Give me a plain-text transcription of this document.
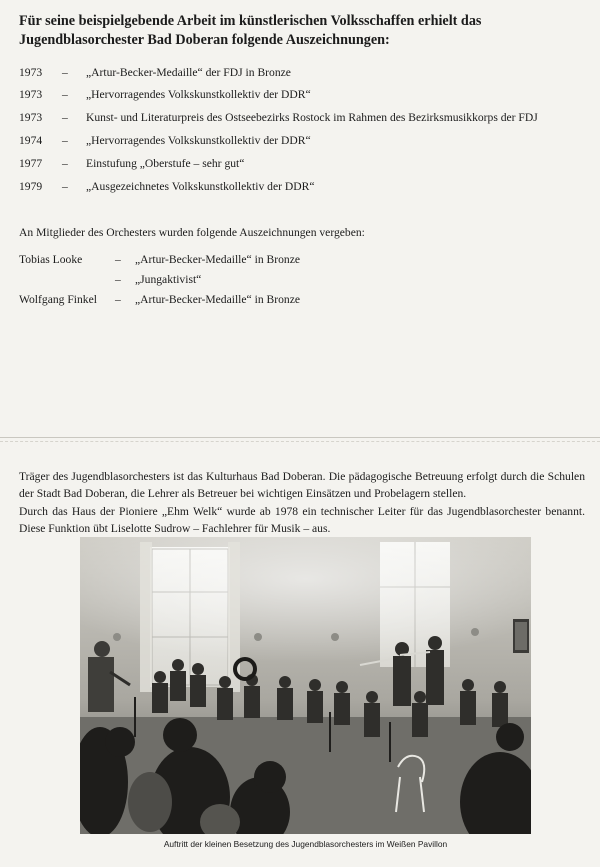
Für seine beispielgebende Arbeit im künstlerischen Volksschaffen erhielt das Jugendblasorchester Bad Doberan folgende Auszeichnungen:
1973 – „Artur-Becker-Medaille“ der FDJ in Bronze
1973 – „Hervorragendes Volkskunstkollektiv der DDR“
1973 – Kunst- und Literaturpreis des Ostseebezirks Rostock im Rahmen des Bezirksmusikkorps der FDJ
1974 – „Hervorragendes Volkskunstkollektiv der DDR“
1977 – Einstufung „Oberstufe – sehr gut“
1979 – „Ausgezeichnetes Volkskunstkollektiv der DDR“
An Mitglieder des Orchesters wurden folgende Auszeichnungen vergeben:
Tobias Looke	– „Artur-Becker-Medaille“ in Bronze
– „Jungaktivist“
Wolfgang Finkel – „Artur-Becker-Medaille“ in Bronze

Träger des Jugendblasorchesters ist das Kulturhaus Bad Doberan. Die pädagogische Betreuung erfolgt durch die Schulen der Stadt Bad Doberan, die Lehrer als Betreuer bei wichtigen Einsätzen und Probelagern stellen.

Durch das Haus der Pioniere „Ehm Welk“ wurde ab 1978 ein technischer Leiter für das Jugendblasorchester benannt. Diese Funktion übt Liselotte Sudrow – Fachlehrer für Musik – aus.

Auftritt der kleinen Besetzung des Jugendblasorchesters im Weißen Pavillon
